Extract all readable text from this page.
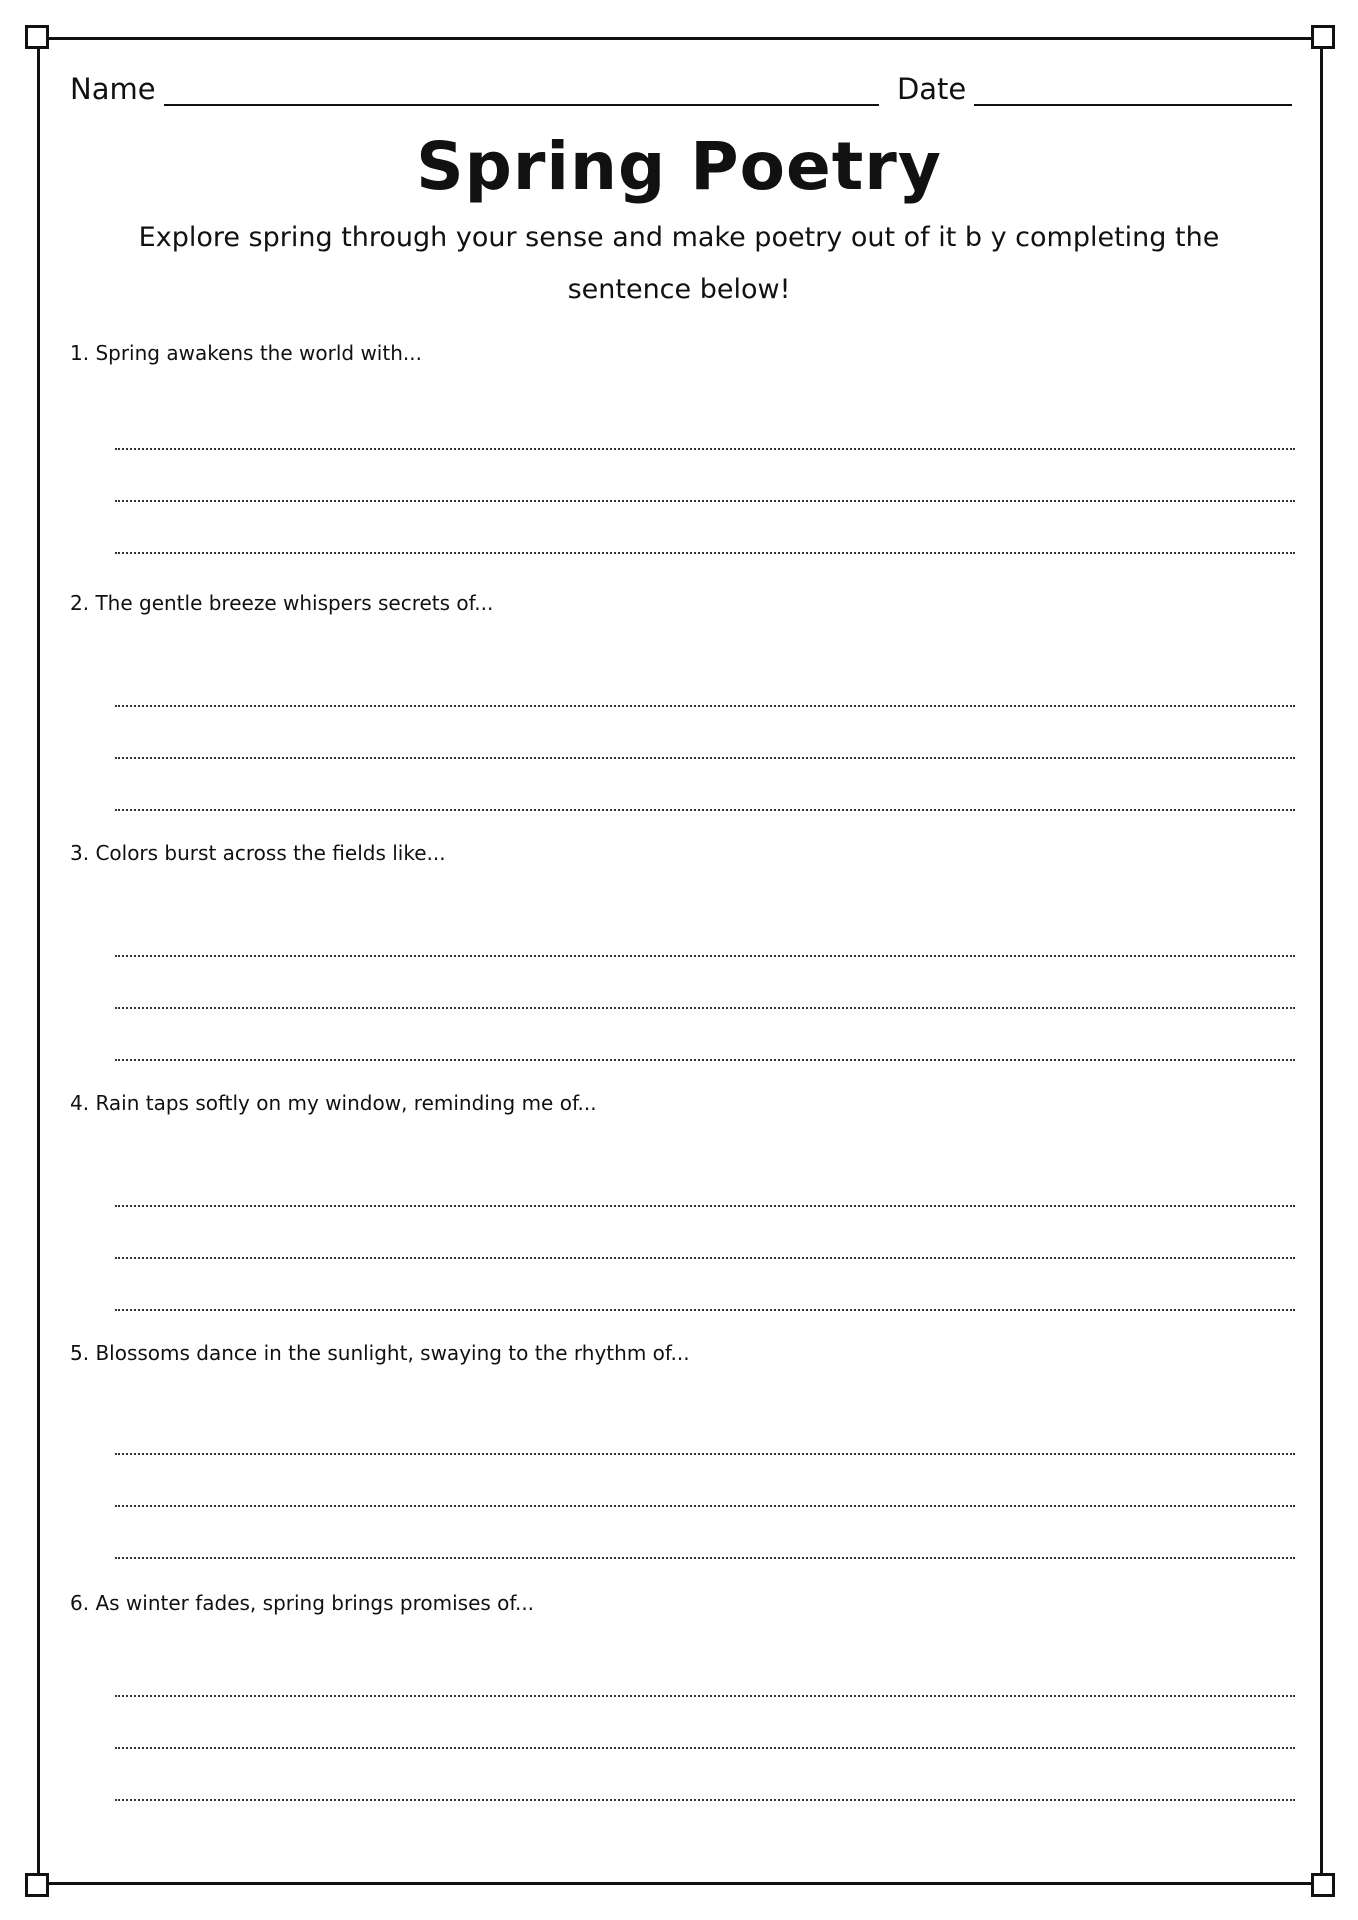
Name	Date
Spring Poetry
Explore spring through your sense and make poetry out of it b y completing the sentence below!
1. Spring awakens the world with...
2. The gentle breeze whispers secrets of...
3. Colors burst across the fields like...
4. Rain taps softly on my window, reminding me of...
5. Blossoms dance in the sunlight, swaying to the rhythm of...
6. As winter fades, spring brings promises of...
